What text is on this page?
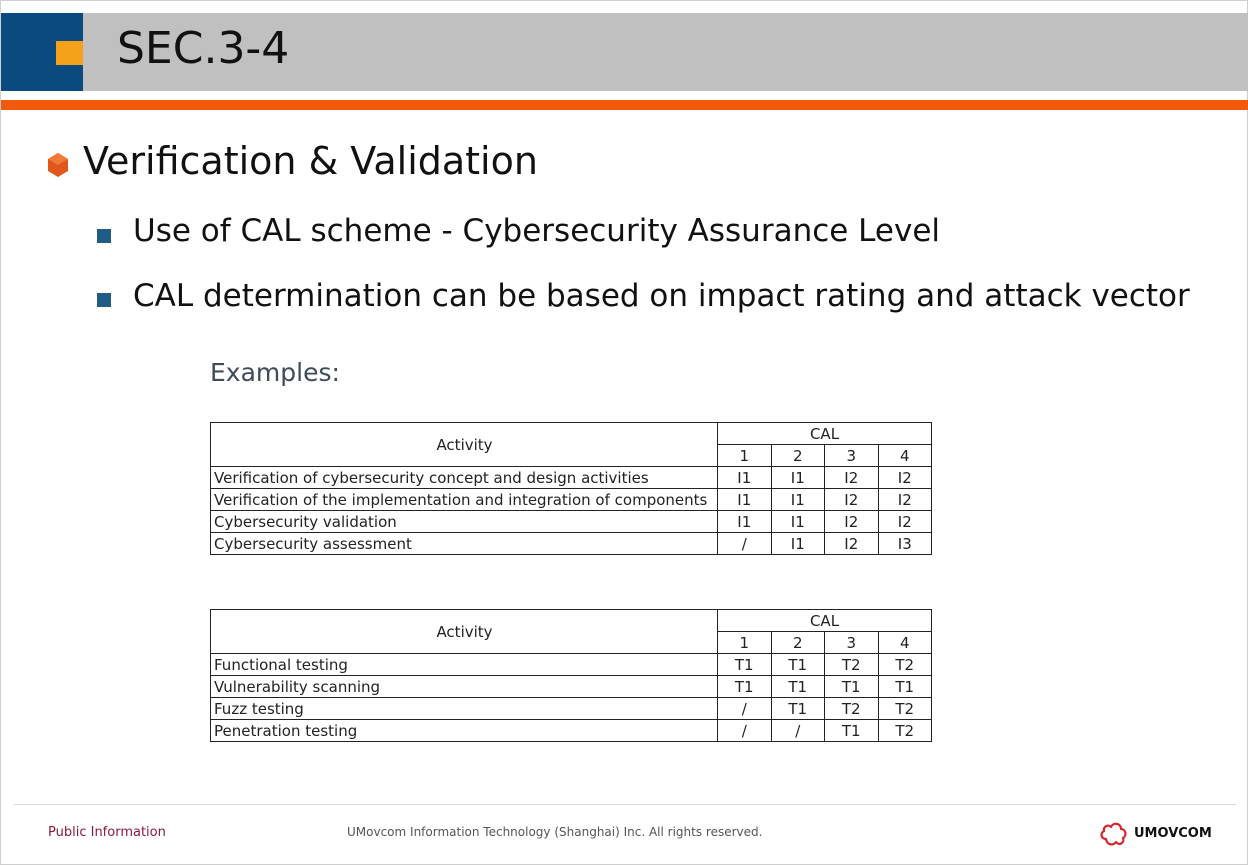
SEC.3-4
Verification & Validation
Use of CAL scheme - Cybersecurity Assurance Level
CAL determination can be based on impact rating and attack vector
Examples:
Activity	CAL			
	1	2	3	4
Verification of cybersecurity concept and design activities	I1	I1	I2	I2
Verification of the implementation and integration of components	I1	I1	I2	I2
Cybersecurity validation	I1	I1	I2	I2
Cybersecurity assessment	/	I1	I2	I3
Activity	CAL			
	1	2	3	4
Functional testing	T1	T1	T2	T2
Vulnerability scanning	T1	T1	T1	T1
Fuzz testing	/	T1	T2	T2
Penetration testing	/	/	T1	T2
Public Information	UMovcom Information Technology (Shanghai) Inc. All rights reserved.	UMOVCOM
